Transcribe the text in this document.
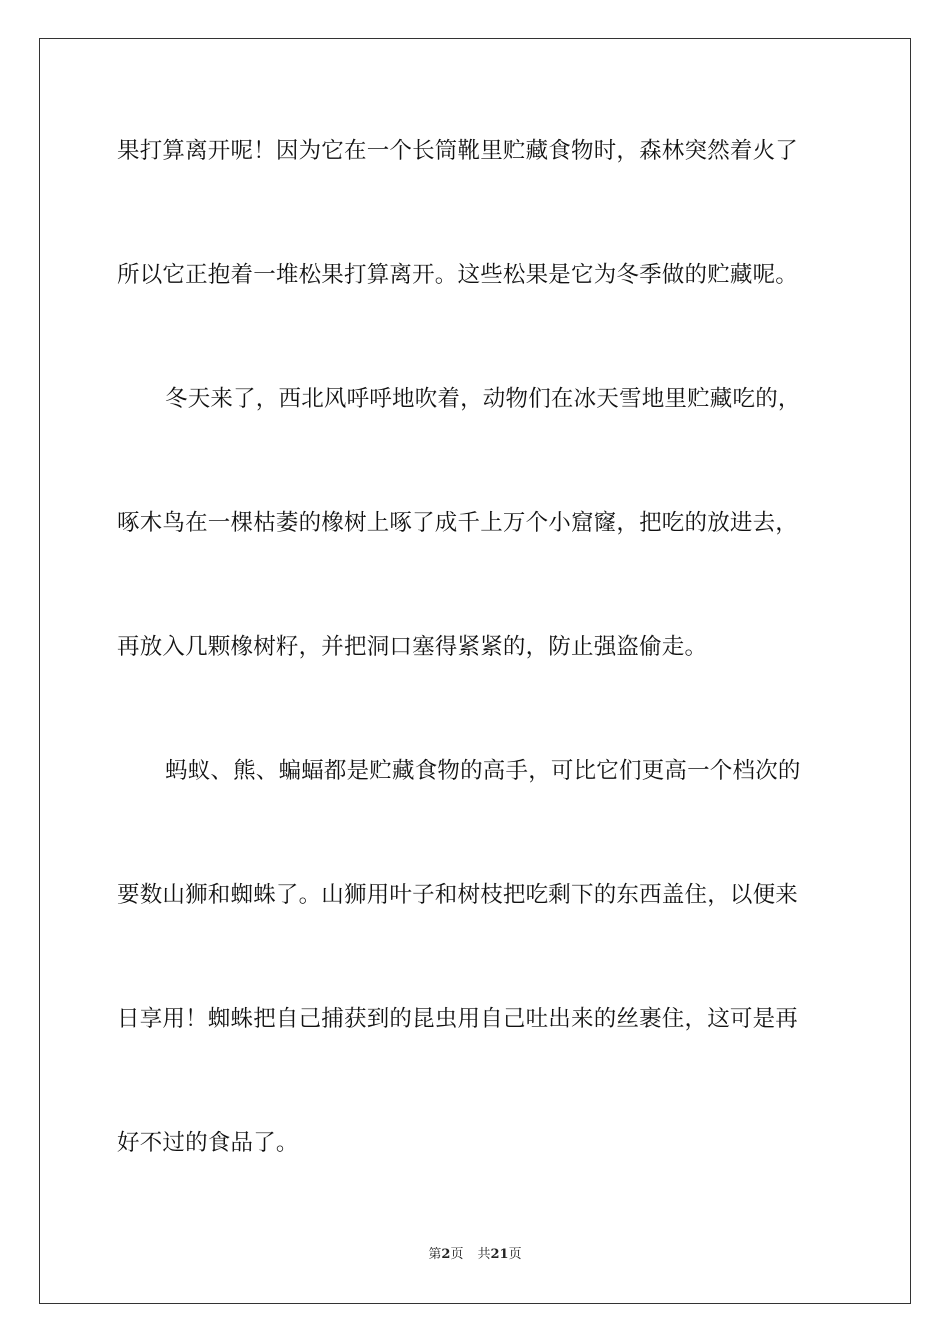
果打算离开呢！因为它在一个长筒靴里贮藏食物时，森林突然着火了
所以它正抱着一堆松果打算离开。这些松果是它为冬季做的贮藏呢。
冬天来了，西北风呼呼地吹着，动物们在冰天雪地里贮藏吃的，
啄木鸟在一棵枯萎的橡树上啄了成千上万个小窟窿，把吃的放进去，
再放入几颗橡树籽，并把洞口塞得紧紧的，防止强盗偷走。
蚂蚁、熊、蝙蝠都是贮藏食物的高手，可比它们更高一个档次的
要数山狮和蜘蛛了。山狮用叶子和树枝把吃剩下的东西盖住，以便来
日享用！蜘蛛把自己捕获到的昆虫用自己吐出来的丝裹住，这可是再
好不过的食品了。
第2页 共21页
